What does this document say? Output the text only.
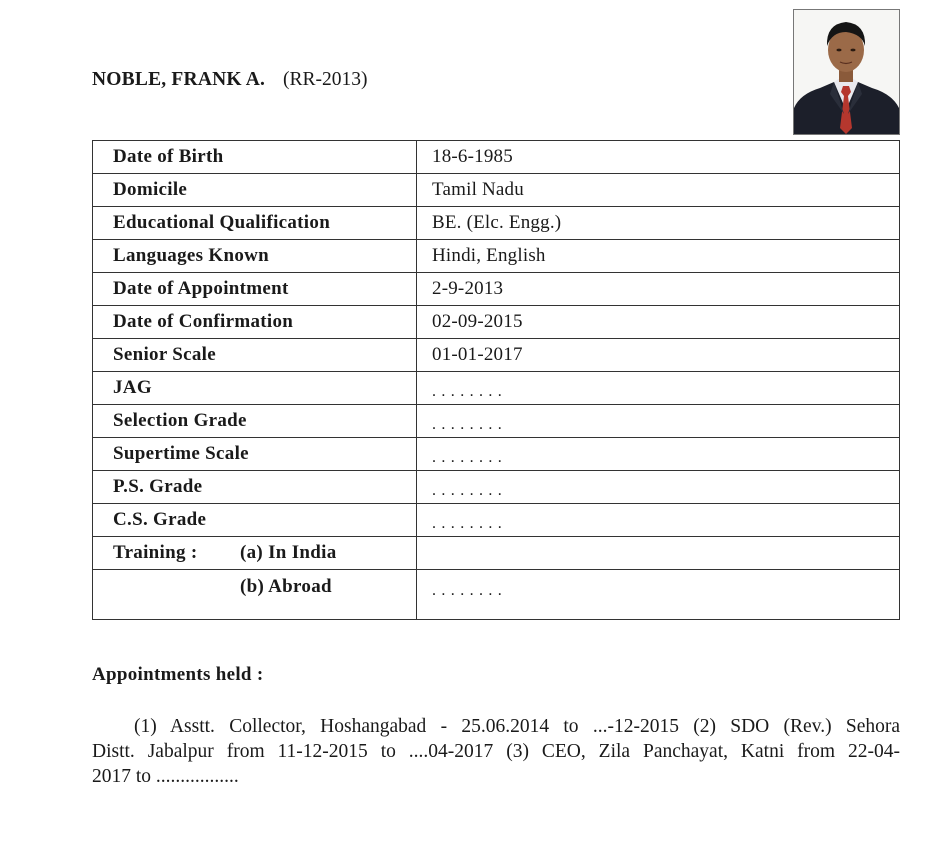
NOBLE, FRANK A. (RR-2013)
Date of Birth	18-6-1985
Domicile	Tamil Nadu
Educational Qualification	BE. (Elc. Engg.)
Languages Known	Hindi, English
Date of Appointment	2-9-2013
Date of Confirmation	02-09-2015
Senior Scale	01-01-2017
JAG	........
Selection Grade	........
Supertime Scale	........
P.S. Grade	........
C.S. Grade	........
Training : (a) In India	
(b) Abroad	........
Appointments held :
(1) Asstt. Collector, Hoshangabad - 25.06.2014 to ...-12-2015 (2) SDO (Rev.) Sehora
Distt. Jabalpur from 11-12-2015 to ....04-2017 (3) CEO, Zila Panchayat, Katni from 22-04-
2017 to .................
